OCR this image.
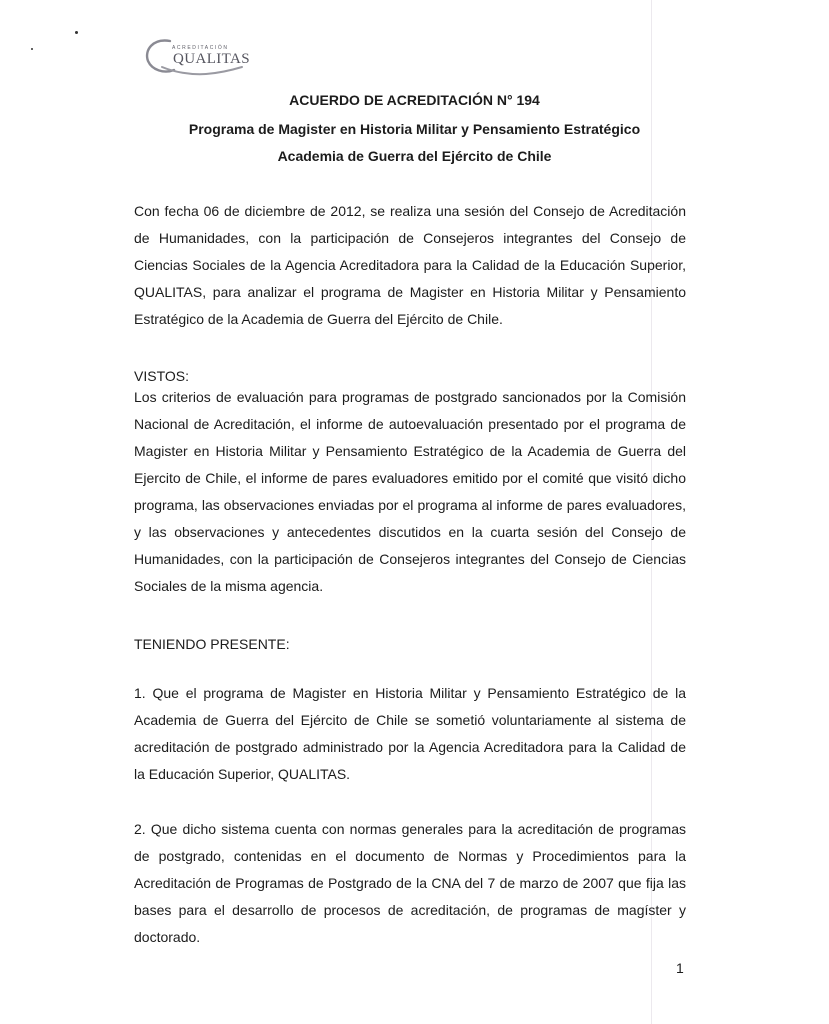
ACREDITACIÓN
QUALITAS
ACUERDO DE ACREDITACIÓN N° 194
Programa de Magister en Historia Militar y Pensamiento Estratégico
Academia de Guerra del Ejército de Chile

Con fecha 06 de diciembre de 2012, se realiza una sesión del Consejo de Acreditación de Humanidades, con la participación de Consejeros integrantes del Consejo de Ciencias Sociales de la Agencia Acreditadora para la Calidad de la Educación Superior, QUALITAS, para analizar el programa de Magister en Historia Militar y Pensamiento Estratégico de la Academia de Guerra del Ejército de Chile.

VISTOS:

Los criterios de evaluación para programas de postgrado sancionados por la Comisión Nacional de Acreditación, el informe de autoevaluación presentado por el programa de Magister en Historia Militar y Pensamiento Estratégico de la Academia de Guerra del Ejercito de Chile, el informe de pares evaluadores emitido por el comité que visitó dicho programa, las observaciones enviadas por el programa al informe de pares evaluadores, y las observaciones y antecedentes discutidos en la cuarta sesión del Consejo de Humanidades, con la participación de Consejeros integrantes del Consejo de Ciencias Sociales de la misma agencia.

TENIENDO PRESENTE:

1. Que el programa de Magister en Historia Militar y Pensamiento Estratégico de la Academia de Guerra del Ejército de Chile se sometió voluntariamente al sistema de acreditación de postgrado administrado por la Agencia Acreditadora para la Calidad de la Educación Superior, QUALITAS.

2. Que dicho sistema cuenta con normas generales para la acreditación de programas de postgrado, contenidas en el documento de Normas y Procedimientos para la Acreditación de Programas de Postgrado de la CNA del 7 de marzo de 2007 que fija las bases para el desarrollo de procesos de acreditación, de programas de magíster y doctorado.

1
